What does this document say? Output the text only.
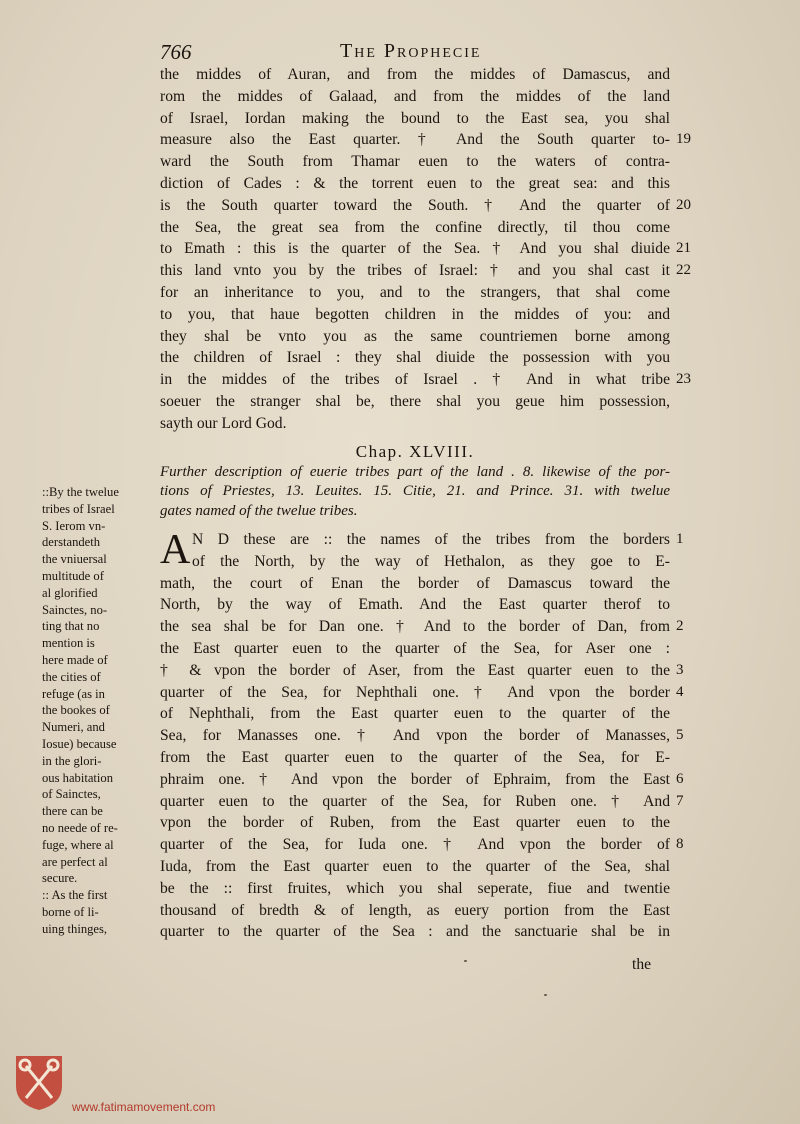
766	The Prophecie
the middes of Auran, and from the middes of Damascus, and
rom the middes of Galaad, and from the middes of the land
of Israel, Iordan making the bound to the East sea, you shal
measure also the East quarter. † And the South quarter to-
ward the South from Thamar euen to the waters of contra-
diction of Cades : & the torrent euen to the great sea: and this
is the South quarter toward the South. † And the quarter of
the Sea, the great sea from the confine directly, til thou come
to Emath : this is the quarter of the Sea. † And you shal diuide
this land vnto you by the tribes of Israel: † and you shal cast it
for an inheritance to you, and to the strangers, that shal come
to you, that haue begotten children in the middes of you: and
they shal be vnto you as the same countriemen borne among
the children of Israel : they shal diuide the possession with you
in the middes of the tribes of Israel . † And in what tribe
soeuer the stranger shal be, there shal you geue him possession,
sayth our Lord God.
Chap. XLVIII.
Further description of euerie tribes part of the land . 8. likewise of the por-
tions of Priestes, 13. Leuites. 15. Citie, 21. and Prince. 31. with twelue
gates named of the twelue tribes.
A N D these are :: the names of the tribes from the borders
of the North, by the way of Hethalon, as they goe to E-
math, the court of Enan the border of Damascus toward the
North, by the way of Emath. And the East quarter therof to
the sea shal be for Dan one. † And to the border of Dan, from
the East quarter euen to the quarter of the Sea, for Aser one :
† & vpon the border of Aser, from the East quarter euen to the
quarter of the Sea, for Nephthali one. † And vpon the border
of Nephthali, from the East quarter euen to the quarter of the
Sea, for Manasses one. † And vpon the border of Manasses,
from the East quarter euen to the quarter of the Sea, for E-
phraim one. † And vpon the border of Ephraim, from the East
quarter euen to the quarter of the Sea, for Ruben one. † And
vpon the border of Ruben, from the East quarter euen to the
quarter of the Sea, for Iuda one. † And vpon the border of
Iuda, from the East quarter euen to the quarter of the Sea, shal
be the :: first fruites, which you shal seperate, fiue and twentie
thousand of bredth & of length, as euery portion from the East
quarter to the quarter of the Sea : and the sanctuarie shal be in
19
20
21
22
23
1
2
3
4
5
6
7
8
::By the twelue
tribes of Israel
S. Ierom vn-
derstandeth
the vniuersal
multitude of
al glorified
Sainctes, no-
ting that no
mention is
here made of
the cities of
refuge (as in
the bookes of
Numeri, and
Iosue) because
in the glori-
ous habitation
of Sainctes,
there can be
no neede of re-
fuge, where al
are perfect al
secure.
:: As the first
borne of li-
uing thinges,
the
www.fatimamovement.com
